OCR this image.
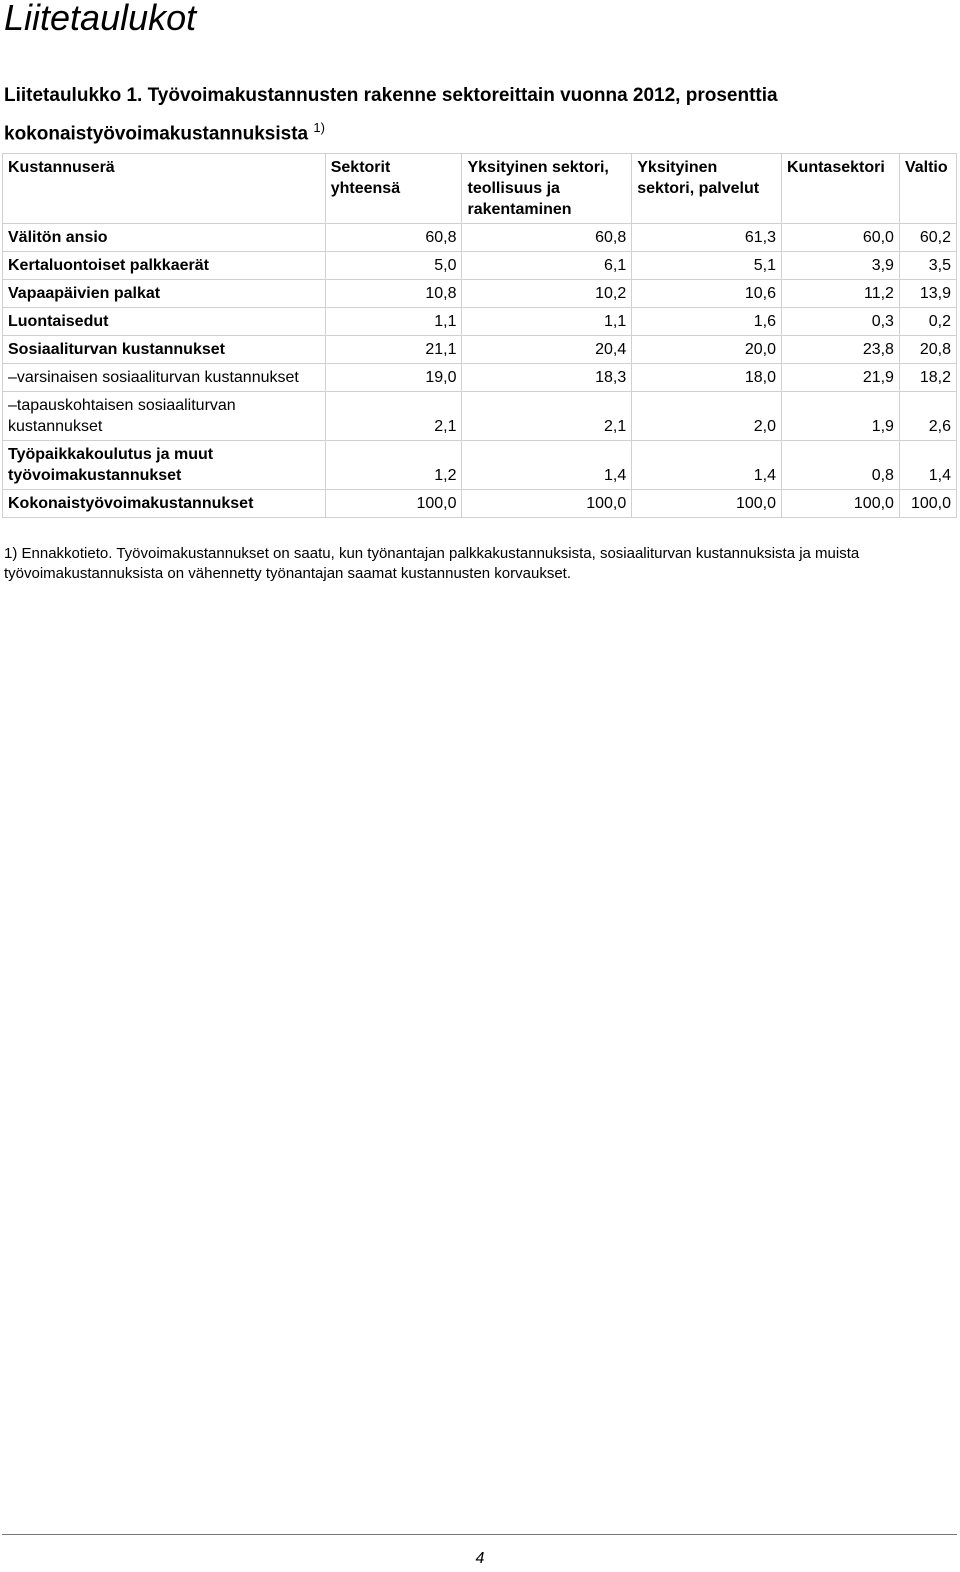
Liitetaulukot

Liitetaulukko 1. Työvoimakustannusten rakenne sektoreittain vuonna 2012, prosenttia kokonaistyövoimakustannuksista $^{1)}$

Kustannuserä	Sektorit yhteensä	Yksityinen sektori, teollisuus ja rakentaminen	Yksityinen sektori, palvelut	Kuntasektori	Valtio
Välitön ansio	60,8	60,8	61,3	60,0	60,2
Kertaluontoiset palkkaerät	5,0	6,1	5,1	3,9	3,5
Vapaapäivien palkat	10,8	10,2	10,6	11,2	13,9
Luontaisedut	1,1	1,1	1,6	0,3	0,2
Sosiaaliturvan kustannukset	21,1	20,4	20,0	23,8	20,8
–varsinaisen sosiaaliturvan kustannukset	19,0	18,3	18,0	21,9	18,2
–tapauskohtaisen sosiaaliturvan kustannukset	2,1	2,1	2,0	1,9	2,6
Työpaikkakoulutus ja muut työvoimakustannukset	1,2	1,4	1,4	0,8	1,4
Kokonaistyövoimakustannukset	100,0	100,0	100,0	100,0	100,0

1) Ennakkotieto. Työvoimakustannukset on saatu, kun työnantajan palkkakustannuksista, sosiaaliturvan kustannuksista ja muista työvoimakustannuksista on vähennetty työnantajan saamat kustannusten korvaukset.

4
